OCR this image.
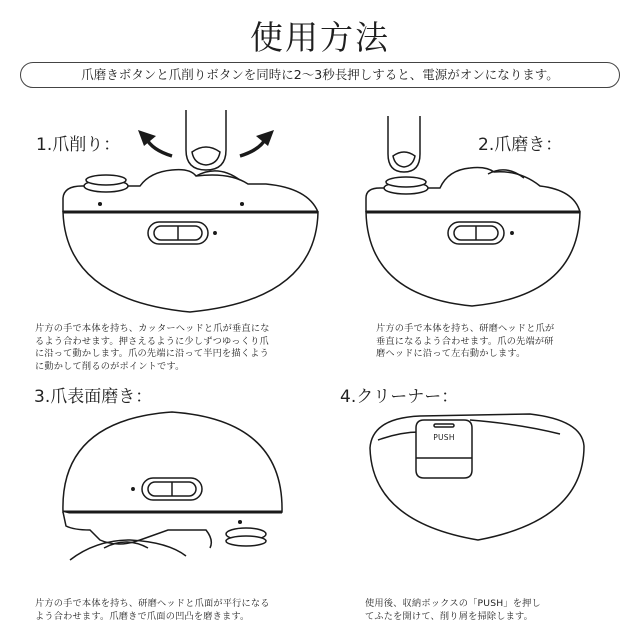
使用方法
爪磨きボタンと爪削りボタンを同時に2〜3秒長押しすると、電源がオンになります。
1.爪削り：
片方の手で本体を持ち、カッターヘッドと爪が垂直にな
るよう合わせます。押さえるように少しずつゆっくり爪
に沿って動かします。爪の先端に沿って半円を描くよう
に動かして削るのがポイントです。
2.爪磨き：
片方の手で本体を持ち、研磨ヘッドと爪が
垂直になるよう合わせます。爪の先端が研
磨ヘッドに沿って左右動かします。
3.爪表面磨き：
片方の手で本体を持ち、研磨ヘッドと爪面が平行になる
よう合わせます。爪磨きで爪面の凹凸を磨きます。
4.クリーナー：
PUSH
使用後、収納ボックスの「PUSH」を押し
てふたを開けて、削り屑を掃除します。
